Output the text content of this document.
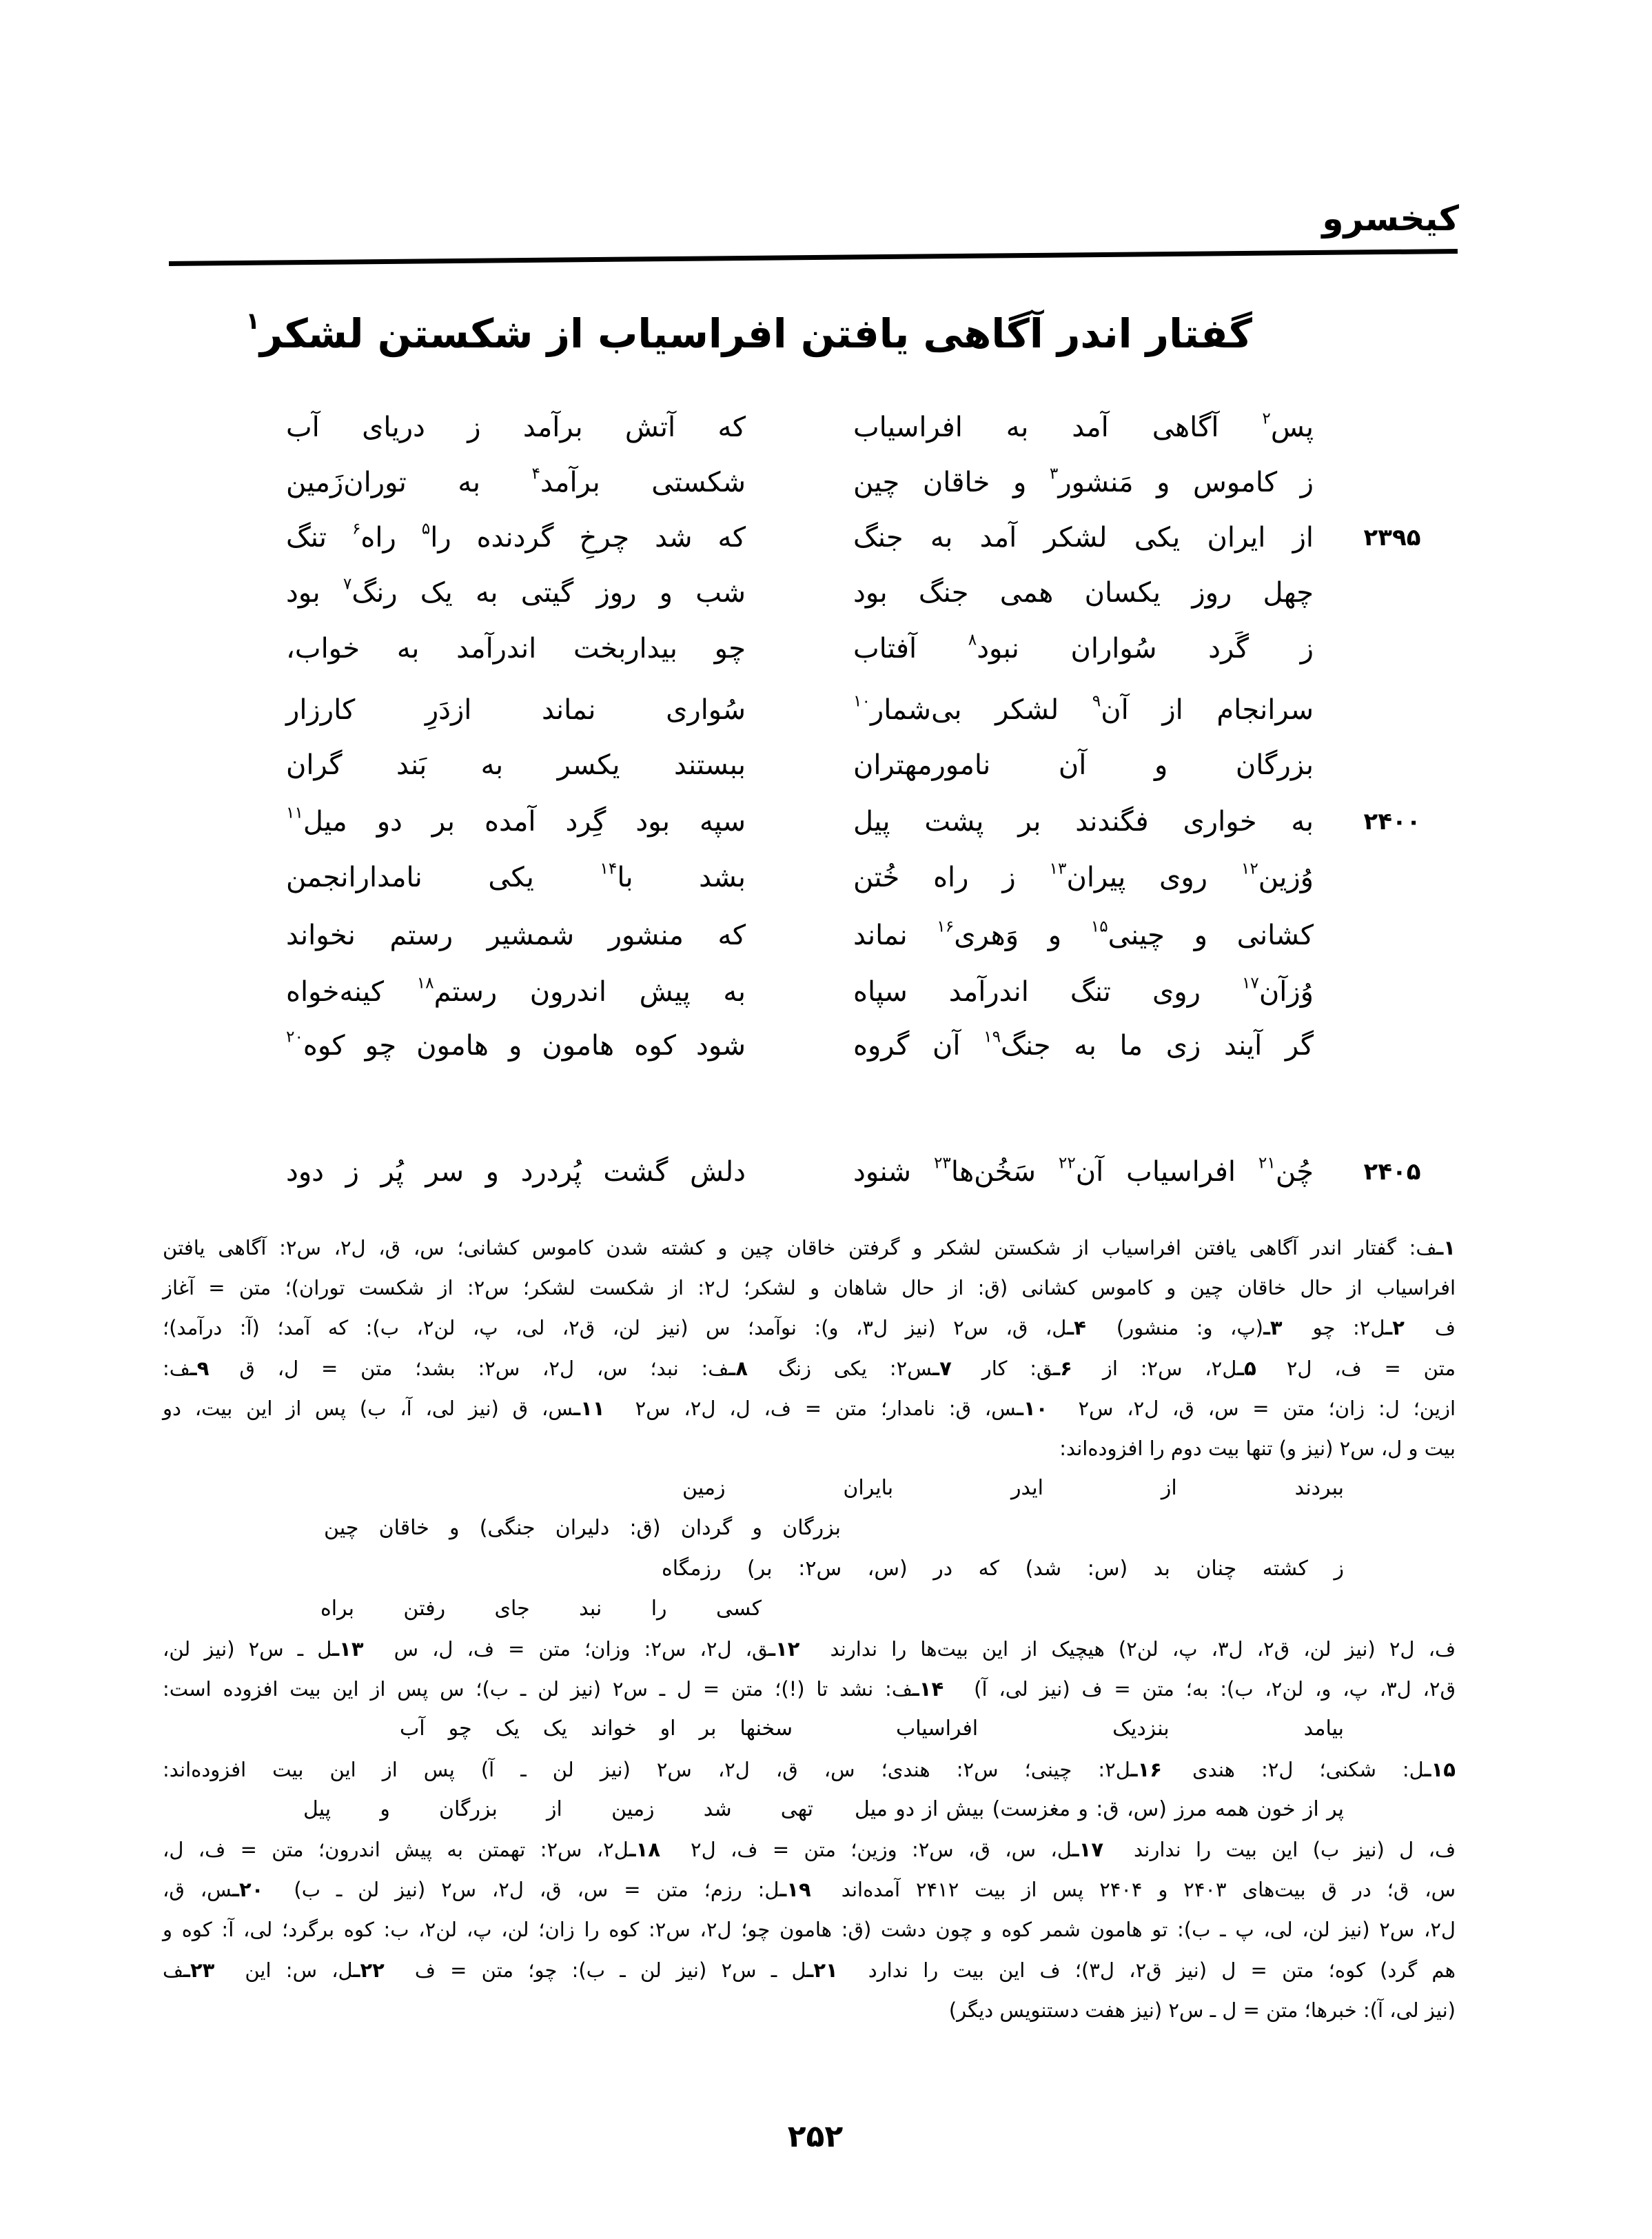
کیخسرو
گفتار اندر آگاهی یافتن افراسیاب از شکستن لشکر$^۱$
پس$^۲$ آگاهی آمد به افراسیاب
که آتش برآمد ز دریای آب
ز کاموس و مَنشور$^۳$ و خاقان چین
شکستی برآمد$^۴$ به توران‌زَمین
۲۳۹۵
از ایران یکی لشکر آمد به جنگ
که شد چرخِ گردنده را$^۵$ راه$^۶$ تنگ
چهل روز یکسان همی جنگ بود
شب و روز گیتی به یک رنگ$^۷$ بود
ز گَرد سُواران نبود$^۸$ آفتاب
چو بیداربخت اندرآمد به خواب،
سرانجام از آن$^۹$ لشکر بی‌شمار$^{۱۰}$
سُواری نماند ازدَرِ کارزار
بزرگان و آن نامورمهتران
ببستند یکسر به بَند گران
۲۴۰۰
به خواری فگندند بر پشت پیل
سپه بود گِرد آمده بر دو میل$^{۱۱}$
وُزین$^{۱۲}$ روی پیران$^{۱۳}$ ز راه خُتن
بشد با$^{۱۴}$ یکی نامدارانجمن
کشانی و چینی$^{۱۵}$ و وَهری$^{۱۶}$ نماند
که منشور شمشیر رستم نخواند
وُزآن$^{۱۷}$ روی تنگ اندرآمد سپاه
به پیش اندرون رستم$^{۱۸}$ کینه‌خواه
گر آیند زی ما به جنگ$^{۱۹}$ آن گروه
شود کوه هامون و هامون چو کوه$^{۲۰}$
۲۴۰۵
چُن$^{۲۱}$ افراسیاب آن$^{۲۲}$ سَخُن‌ها$^{۲۳}$ شنود
دلش گشت پُردرد و سر پُر ز دود
۱ـف: گفتار اندر آگاهی یافتن افراسیاب از شکستن لشکر و گرفتن خاقان چین و کشته شدن کاموس کشانی؛ س، ق، ل۲، س۲: آگاهی یافتن
افراسیاب از حال خاقان چین و کاموس کشانی (ق: از حال شاهان و لشکر؛ ل۲: از شکست لشکر؛ س۲: از شکست توران)؛ متن = آغاز
ف۲ـل۲: چو۳ـ(پ، و: منشور)۴ـل، ق، س۲ (نیز ل۳، و): نوآمد؛ س (نیز لن، ق۲، لی، پ، لن۲، ب): که آمد؛ (آ: درآمد)؛
متن = ف، ل۲۵ـل۲، س۲: از۶ـق: کار۷ـس۲: یکی زنگ۸ـف: نبد؛ س، ل۲، س۲: بشد؛ متن = ل، ق۹ـف:
ازین؛ ل: زان؛ متن = س، ق، ل۲، س۲۱۰ـس، ق: نامدار؛ متن = ف، ل، ل۲، س۲۱۱ـس، ق (نیز لی، آ، ب) پس از این بیت، دو
بیت و ل، س۲ (نیز و) تنها بیت دوم را افزوده‌اند:
ببردند از ایدر بایران زمین
بزرگان و گردان (ق: دلیران جنگی) و خاقان چین
ز کشته چنان بد (س: شد) که در (س، س۲: بر) رزمگاه
کسی را نبد جای رفتن براه
ف، ل۲ (نیز لن، ق۲، ل۳، پ، لن۲) هیچیک از این بیت‌ها را ندارند۱۲ـق، ل۲، س۲: وزان؛ متن = ف، ل، س۱۳ـل ـ س۲ (نیز لن،
ق۲، ل۳، پ، و، لن۲، ب): به؛ متن = ف (نیز لی، آ)۱۴ـف: نشد تا (!)؛ متن = ل ـ س۲ (نیز لن ـ ب)؛ س پس از این بیت افزوده است:
بیامد بنزدیک افراسیاب
سخنها بر او خواند یک یک چو آب
۱۵ـل: شکنی؛ ل۲: هندی۱۶ـل۲: چینی؛ س۲: هندی؛ س، ق، ل۲، س۲ (نیز لن ـ آ) پس از این بیت افزوده‌اند:
پر از خون همه مرز (س، ق: و مغزست) بیش از دو میل
تهی شد زمین از بزرگان و پیل
ف، ل (نیز ب) این بیت را ندارند۱۷ـل، س، ق، س۲: وزین؛ متن = ف، ل۲۱۸ـل۲، س۲: تهمتن به پیش اندرون؛ متن = ف، ل،
س، ق؛ در ق بیت‌های ۲۴۰۳ و ۲۴۰۴ پس از بیت ۲۴۱۲ آمده‌اند۱۹ـل: رزم؛ متن = س، ق، ل۲، س۲ (نیز لن ـ ب)۲۰ـس، ق،
ل۲، س۲ (نیز لن، لی، پ ـ ب): تو هامون شمر کوه و چون دشت (ق: هامون چو؛ ل۲، س۲: کوه را زان؛ لن، پ، لن۲، ب: کوه برگرد؛ لی، آ: کوه و
هم گرد) کوه؛ متن = ل (نیز ق۲، ل۳)؛ ف این بیت را ندارد۲۱ـل ـ س۲ (نیز لن ـ ب): چو؛ متن = ف۲۲ـل، س: این۲۳ـف
(نیز لی، آ): خبرها؛ متن = ل ـ س۲ (نیز هفت دستنویس دیگر)
۲۵۲
